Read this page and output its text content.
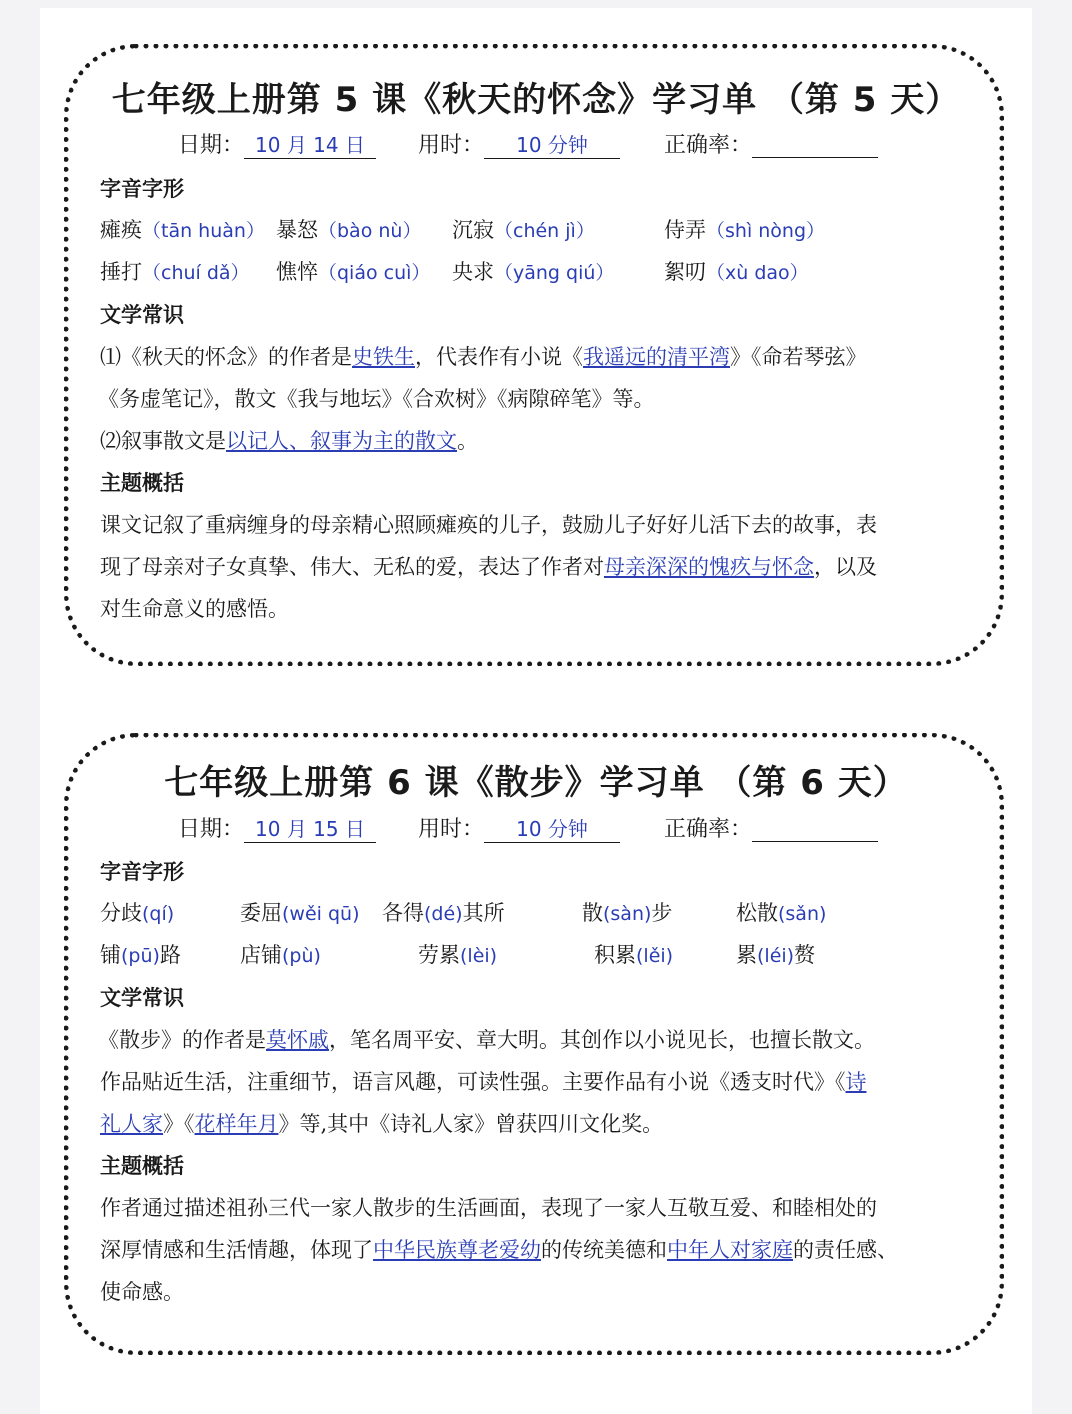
七年级上册第 5 课《秋天的怀念》学习单 （第 5 天）
日期： 10 月 14 日	用时： 10 分钟	正确率：
字音字形
瘫痪（tān huàn） 暴怒（bào nù） 沉寂（chén jì）	侍弄（shì nòng）
捶打（chuí dǎ） 憔悴（qiáo cuì） 央求（yāng qiú） 絮叨（xù dao）
文学常识
⑴《秋天的怀念》的作者是史铁生，代表作有小说《我遥远的清平湾》《命若琴弦》
《务虚笔记》，散文《我与地坛》《合欢树》《病隙碎笔》等。
⑵叙事散文是以记人、叙事为主的散文。
主题概括
课文记叙了重病缠身的母亲精心照顾瘫痪的儿子，鼓励儿子好好儿活下去的故事，表
现了母亲对子女真挚、伟大、无私的爱，表达了作者对母亲深深的愧疚与怀念，以及
对生命意义的感悟。
七年级上册第 6 课《散步》学习单 （第 6 天）
日期： 10 月 15 日	用时： 10 分钟	正确率：
字音字形
分歧(qí)	委屈(wěi qū) 各得(dé)其所	散(sàn)步	松散(sǎn)
铺(pū)路	店铺(pù)	劳累(lèi)	积累(lěi)	累(léi)赘
文学常识
《散步》的作者是莫怀戚，笔名周平安、章大明。其创作以小说见长，也擅长散文。
作品贴近生活，注重细节，语言风趣，可读性强。主要作品有小说《透支时代》《诗
礼人家》《花样年月》等,其中《诗礼人家》曾获四川文化奖。
主题概括
作者通过描述祖孙三代一家人散步的生活画面，表现了一家人互敬互爱、和睦相处的
深厚情感和生活情趣，体现了中华民族尊老爱幼的传统美德和中年人对家庭的责任感、
使命感。
